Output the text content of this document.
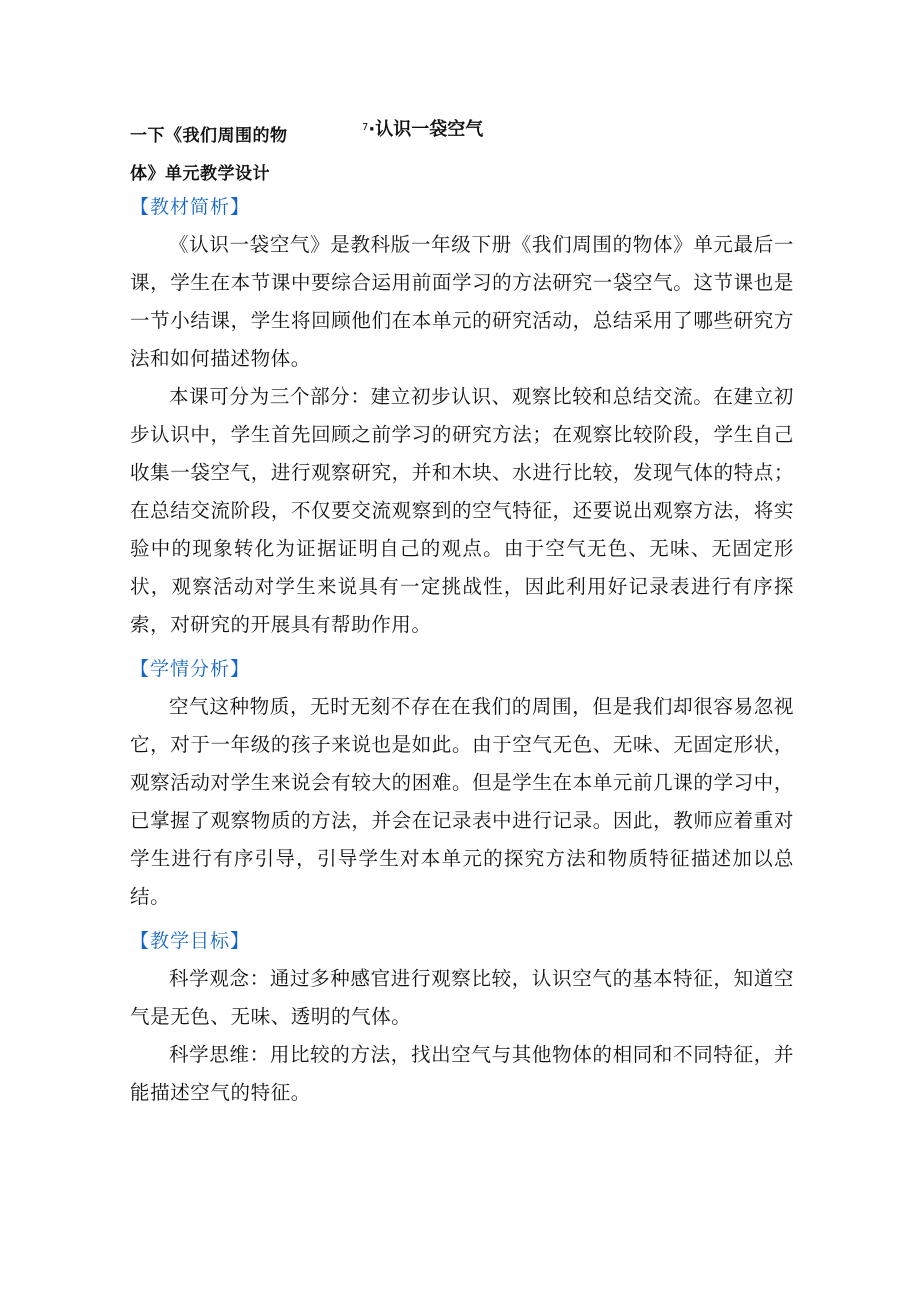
一下《我们周围的物
体》单元教学设计
$^7$·认识一袋空气
【教材简析】

《认识一袋空气》是教科版一年级下册《我们周围的物体》单元最后一课，学生在本节课中要综合运用前面学习的方法研究一袋空气。这节课也是一节小结课，学生将回顾他们在本单元的研究活动，总结采用了哪些研究方法和如何描述物体。

本课可分为三个部分：建立初步认识、观察比较和总结交流。在建立初步认识中，学生首先回顾之前学习的研究方法；在观察比较阶段，学生自己收集一袋空气，进行观察研究，并和木块、水进行比较，发现气体的特点；在总结交流阶段，不仅要交流观察到的空气特征，还要说出观察方法，将实验中的现象转化为证据证明自己的观点。由于空气无色、无味、无固定形状，观察活动对学生来说具有一定挑战性，因此利用好记录表进行有序探索，对研究的开展具有帮助作用。

【学情分析】

空气这种物质，无时无刻不存在在我们的周围，但是我们却很容易忽视它，对于一年级的孩子来说也是如此。由于空气无色、无味、无固定形状，观察活动对学生来说会有较大的困难。但是学生在本单元前几课的学习中，已掌握了观察物质的方法，并会在记录表中进行记录。因此，教师应着重对学生进行有序引导，引导学生对本单元的探究方法和物质特征描述加以总结。

【教学目标】

科学观念：通过多种感官进行观察比较，认识空气的基本特征，知道空气是无色、无味、透明的气体。

科学思维：用比较的方法，找出空气与其他物体的相同和不同特征，并能描述空气的特征。
